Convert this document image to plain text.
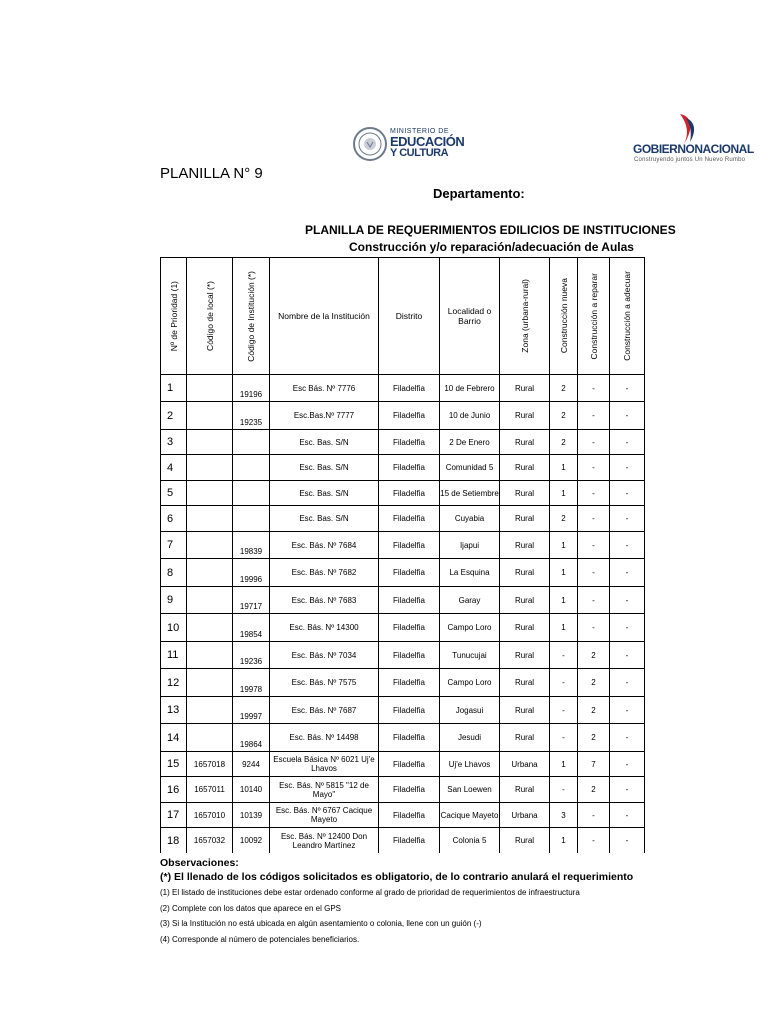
MINISTERIO DE
EDUCACIÓN
Y CULTURA	GOBIERNONACIONAL
Construyendo juntos Un Nuevo Rumbo
PLANILLA N° 9
Departamento:
PLANILLA DE REQUERIMIENTOS EDILICIOS DE INSTITUCIONES
Construcción y/o reparación/adecuación de Aulas
Nº de Prioridad (1)	Código de local (*)	Código de Institución (*)	Nombre de la Institución	Distrito	Localidad o Barrio	Zona (urbana-rural)	Construcción nueva	Construcción a reparar	Construcción a adecuar

1		19196	Esc Bás. Nº 7776	Filadelfia	10 de Febrero	Rural	2	-	-
2		19235	Esc.Bas.Nº 7777	Filadelfia	10 de Junio	Rural	2	-	-
3			Esc. Bas. S/N	Filadelfia	2 De Enero	Rural	2	-	-
4			Esc. Bas. S/N	Filadelfia	Comunidad 5	Rural	1	-	-
5			Esc. Bas. S/N	Filadelfia	15 de Setiembre	Rural	1	-	-
6			Esc. Bas. S/N	Filadelfia	Cuyabia	Rural	2	-	-
7		19839	Esc. Bás. Nº 7684	Filadelfia	Ijapui	Rural	1	-	-
8		19996	Esc. Bás. Nº 7682	Filadelfia	La Esquina	Rural	1	-	-
9		19717	Esc. Bás. Nº 7683	Filadelfia	Garay	Rural	1	-	-
10		19854	Esc. Bás. Nº 14300	Filadelfia	Campo Loro	Rural	1	-	-
11		19236	Esc. Bás. Nº 7034	Filadelfia	Tunucujai	Rural	-	2	-
12		19978	Esc. Bás. Nº 7575	Filadelfia	Campo Loro	Rural	-	2	-
13		19997	Esc. Bás. Nº 7687	Filadelfia	Jogasui	Rural	-	2	-
14		19864	Esc. Bás. Nº 14498	Filadelfia	Jesudi	Rural	-	2	-
15	1657018	9244	Escuela Básica Nº 6021 Uj'e Lhavos	Filadelfia	Uj'e Lhavos	Urbana	1	7	-
16	1657011	10140	Esc. Bás. Nº 5815 "12 de Mayo"	Filadelfia	San Loewen	Rural	-	2	-
17	1657010	10139	Esc. Bás. Nº 6767 Cacique Mayeto	Filadelfia	Cacique Mayeto	Urbana	3	-	-
18	1657032	10092	Esc. Bás. Nº 12400 Don Leandro Martínez	Filadelfia	Colonia 5	Rural	1	-	-

Observaciones:
(*) El llenado de los códigos solicitados es obligatorio, de lo contrario anulará el requerimiento
(1) El listado de instituciones debe estar ordenado conforme al grado de prioridad de requerimientos de infraestructura
(2) Complete con los datos que aparece en el GPS
(3) Si la Institución no está ubicada en algún asentamiento o colonia, llene con un guión (-)
(4) Corresponde al número de potenciales beneficiarios.
